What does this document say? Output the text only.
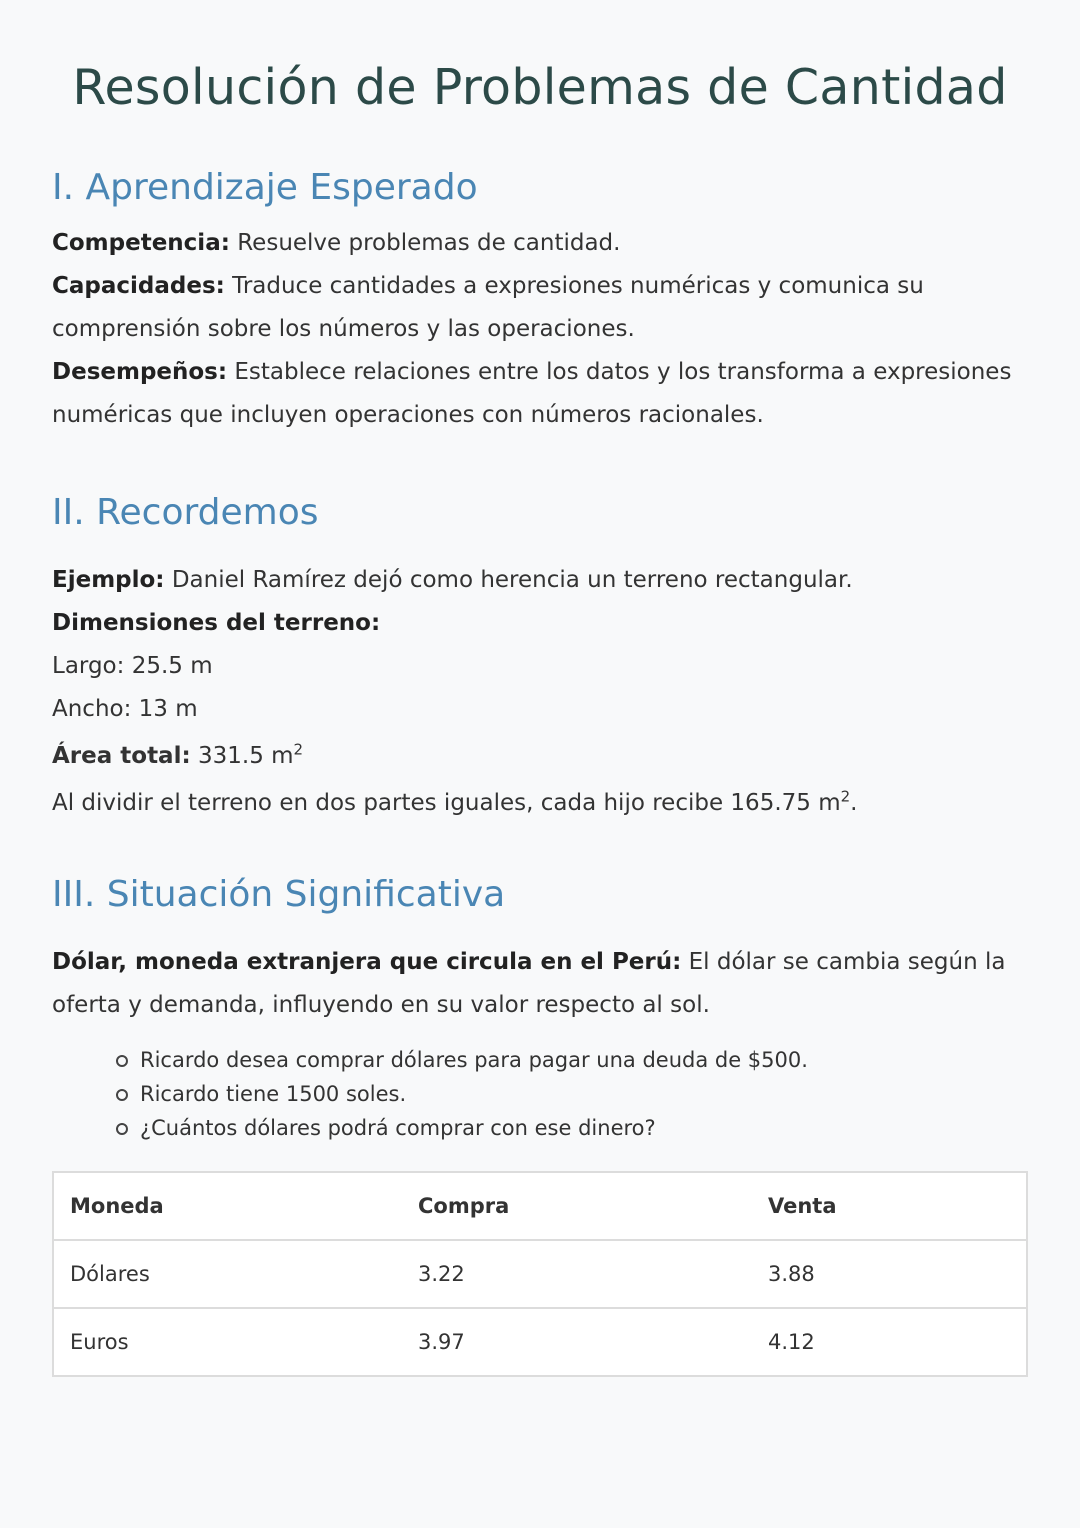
Resolución de Problemas de Cantidad
I. Aprendizaje Esperado

Competencia: Resuelve problemas de cantidad.

Capacidades: Traduce cantidades a expresiones numéricas y comunica su comprensión sobre los números y las operaciones.

Desempeños: Establece relaciones entre los datos y los transforma a expresiones numéricas que incluyen operaciones con números racionales.

II. Recordemos

Ejemplo: Daniel Ramírez dejó como herencia un terreno rectangular.

Dimensiones del terreno:

Largo: 25.5 m
Ancho: 13 m
Área total: 331.5 $m^2$
Al dividir el terreno en dos partes iguales, cada hijo recibe 165.75 $m^2$.
III. Situación Significativa

Dólar, moneda extranjera que circula en el Perú: El dólar se cambia según la oferta y demanda, influyendo en su valor respecto al sol.

Ricardo desea comprar dólares para pagar una deuda de $500.
Ricardo tiene 1500 soles.
¿Cuántos dólares podrá comprar con ese dinero?
Moneda	Compra	Venta
Dólares	3.22	3.88
Euros	3.97	4.12
